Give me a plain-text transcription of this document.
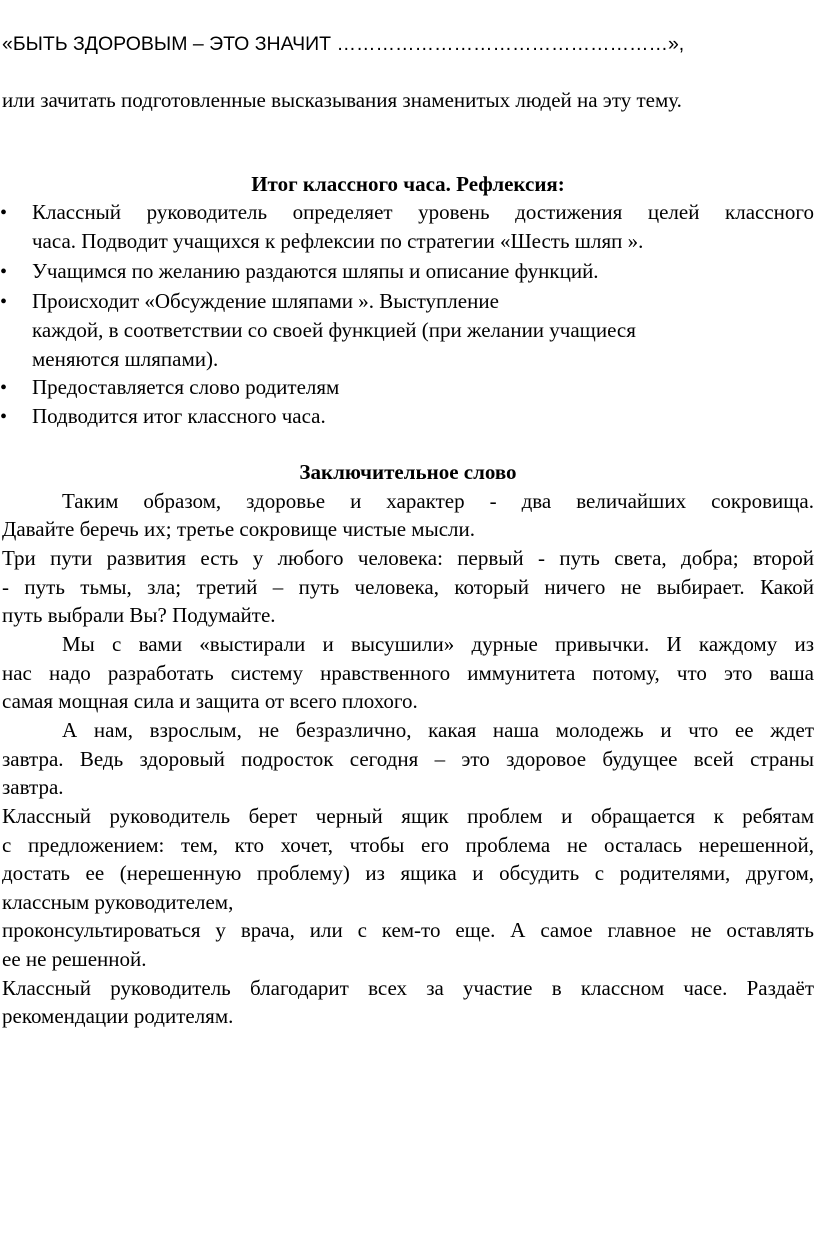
«БЫТЬ ЗДОРОВЫМ – ЭТО ЗНАЧИТ ……………………………………………»,
или зачитать подготовленные высказывания знаменитых людей на эту тему.
Итог классного часа. Рефлексия:
• Классный руководитель определяет уровень достижения целей классного
часа. Подводит учащихся к рефлексии по стратегии «Шесть шляп ».
• Учащимся по желанию раздаются шляпы и описание функций.
• Происходит «Обсуждение шляпами ». Выступление
каждой, в соответствии со своей функцией (при желании учащиеся
меняются шляпами).
• Предоставляется слово родителям
• Подводится итог классного часа.
Заключительное слово
Таким образом, здоровье и характер - два величайших сокровища.
Давайте беречь их; третье сокровище чистые мысли.
Три пути развития есть у любого человека: первый - путь света, добра; второй
- путь тьмы, зла; третий – путь человека, который ничего не выбирает. Какой
путь выбрали Вы? Подумайте.
Мы с вами «выстирали и высушили» дурные привычки. И каждому из
нас надо разработать систему нравственного иммунитета потому, что это ваша
самая мощная сила и защита от всего плохого.
А нам, взрослым, не безразлично, какая наша молодежь и что ее ждет
завтра. Ведь здоровый подросток сегодня – это здоровое будущее всей страны
завтра.
Классный руководитель берет черный ящик проблем и обращается к ребятам
с предложением: тем, кто хочет, чтобы его проблема не осталась нерешенной,
достать ее (нерешенную проблему) из ящика и обсудить с родителями, другом,
классным руководителем,
проконсультироваться у врача, или с кем-то еще. А самое главное не оставлять
ее не решенной.
Классный руководитель благодарит всех за участие в классном часе. Раздаёт
рекомендации родителям.
